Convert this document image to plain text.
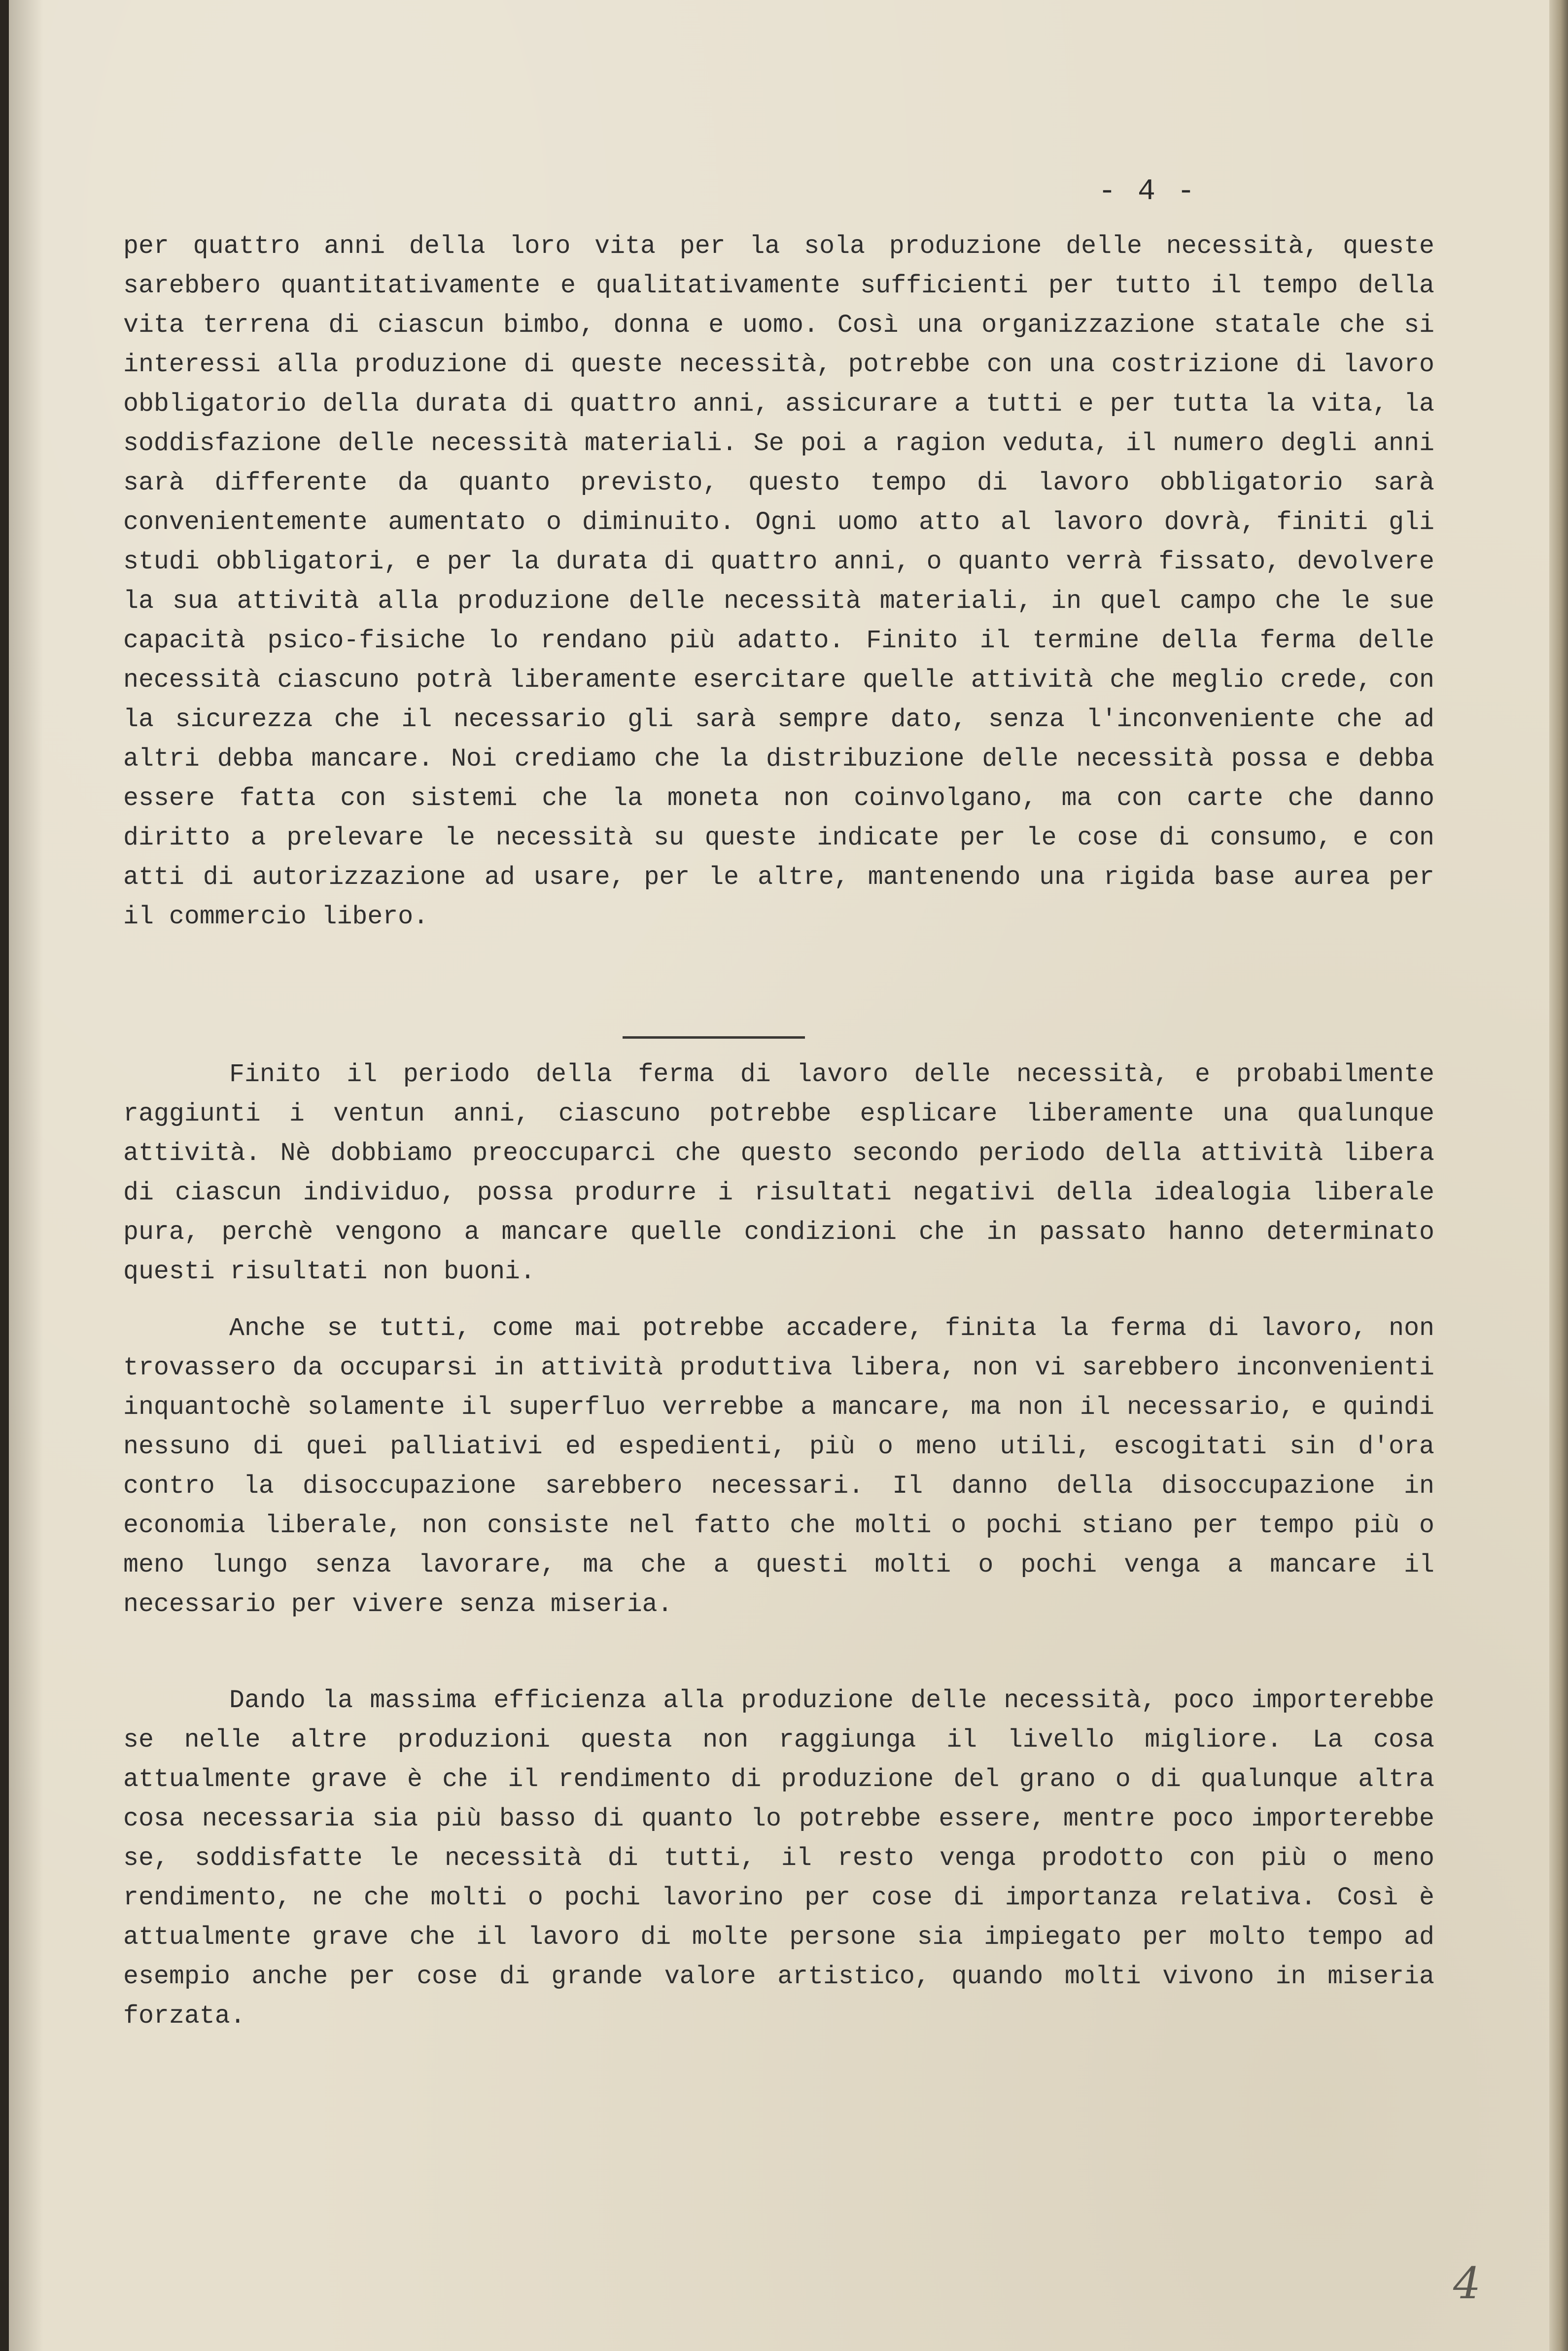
- 4 -

per quattro anni della loro vita per la sola produzione delle necessità, queste sarebbero quantitativamente e qualitativamente sufficienti per tutto il tempo della vita terrena di ciascun bimbo, donna e uomo. Così una organizzazione statale che si interessi alla produzione di queste necessità, potrebbe con una costrizione di lavoro obbligatorio della durata di quattro anni, assicurare a tutti e per tutta la vita, la soddisfazione delle necessità materiali. Se poi a ragion veduta, il numero degli anni sarà differente da quanto previsto, questo tempo di lavoro obbligatorio sarà convenientemente aumentato o diminuito. Ogni uomo atto al lavoro dovrà, finiti gli studi obbligatori, e per la durata di quattro anni, o quanto verrà fissato, devolvere la sua attività alla produzione delle necessità materiali, in quel campo che le sue capacità psico-fisiche lo rendano più adatto. Finito il termine della ferma delle necessità ciascuno potrà liberamente esercitare quelle attività che meglio crede, con la sicurezza che il necessario gli sarà sempre dato, senza l'inconveniente che ad altri debba mancare. Noi crediamo che la distribuzione delle necessità possa e debba essere fatta con sistemi che la moneta non coinvolgano, ma con carte che danno diritto a prelevare le necessità su queste indicate per le cose di consumo, e con atti di autorizzazione ad usare, per le altre, mantenendo una rigida base aurea per il commercio libero.

Finito il periodo della ferma di lavoro delle necessità, e probabilmente raggiunti i ventun anni, ciascuno potrebbe esplicare liberamente una qualunque attività. Nè dobbiamo preoccuparci che questo secondo periodo della attività libera di ciascun individuo, possa produrre i risultati negativi della idealogia liberale pura, perchè vengono a mancare quelle condizioni che in passato hanno determinato questi risultati non buoni.

Anche se tutti, come mai potrebbe accadere, finita la ferma di lavoro, non trovassero da occuparsi in attività produttiva libera, non vi sarebbero inconvenienti inquantochè solamente il superfluo verrebbe a mancare, ma non il necessario, e quindi nessuno di quei palliativi ed espedienti, più o meno utili, escogitati sin d'ora contro la disoccupazione sarebbero necessari. Il danno della disoccupazione in economia liberale, non consiste nel fatto che molti o pochi stiano per tempo più o meno lungo senza lavorare, ma che a questi molti o pochi venga a mancare il necessario per vivere senza miseria.

Dando la massima efficienza alla produzione delle necessità, poco importerebbe se nelle altre produzioni questa non raggiunga il livello migliore. La cosa attualmente grave è che il rendimento di produzione del grano o di qualunque altra cosa necessaria sia più basso di quanto lo potrebbe essere, mentre poco importerebbe se, soddisfatte le necessità di tutti, il resto venga prodotto con più o meno rendimento, ne che molti o pochi lavorino per cose di importanza relativa. Così è attualmente grave che il lavoro di molte persone sia impiegato per molto tempo ad esempio anche per cose di grande valore artistico, quando molti vivono in miseria forzata.

4
